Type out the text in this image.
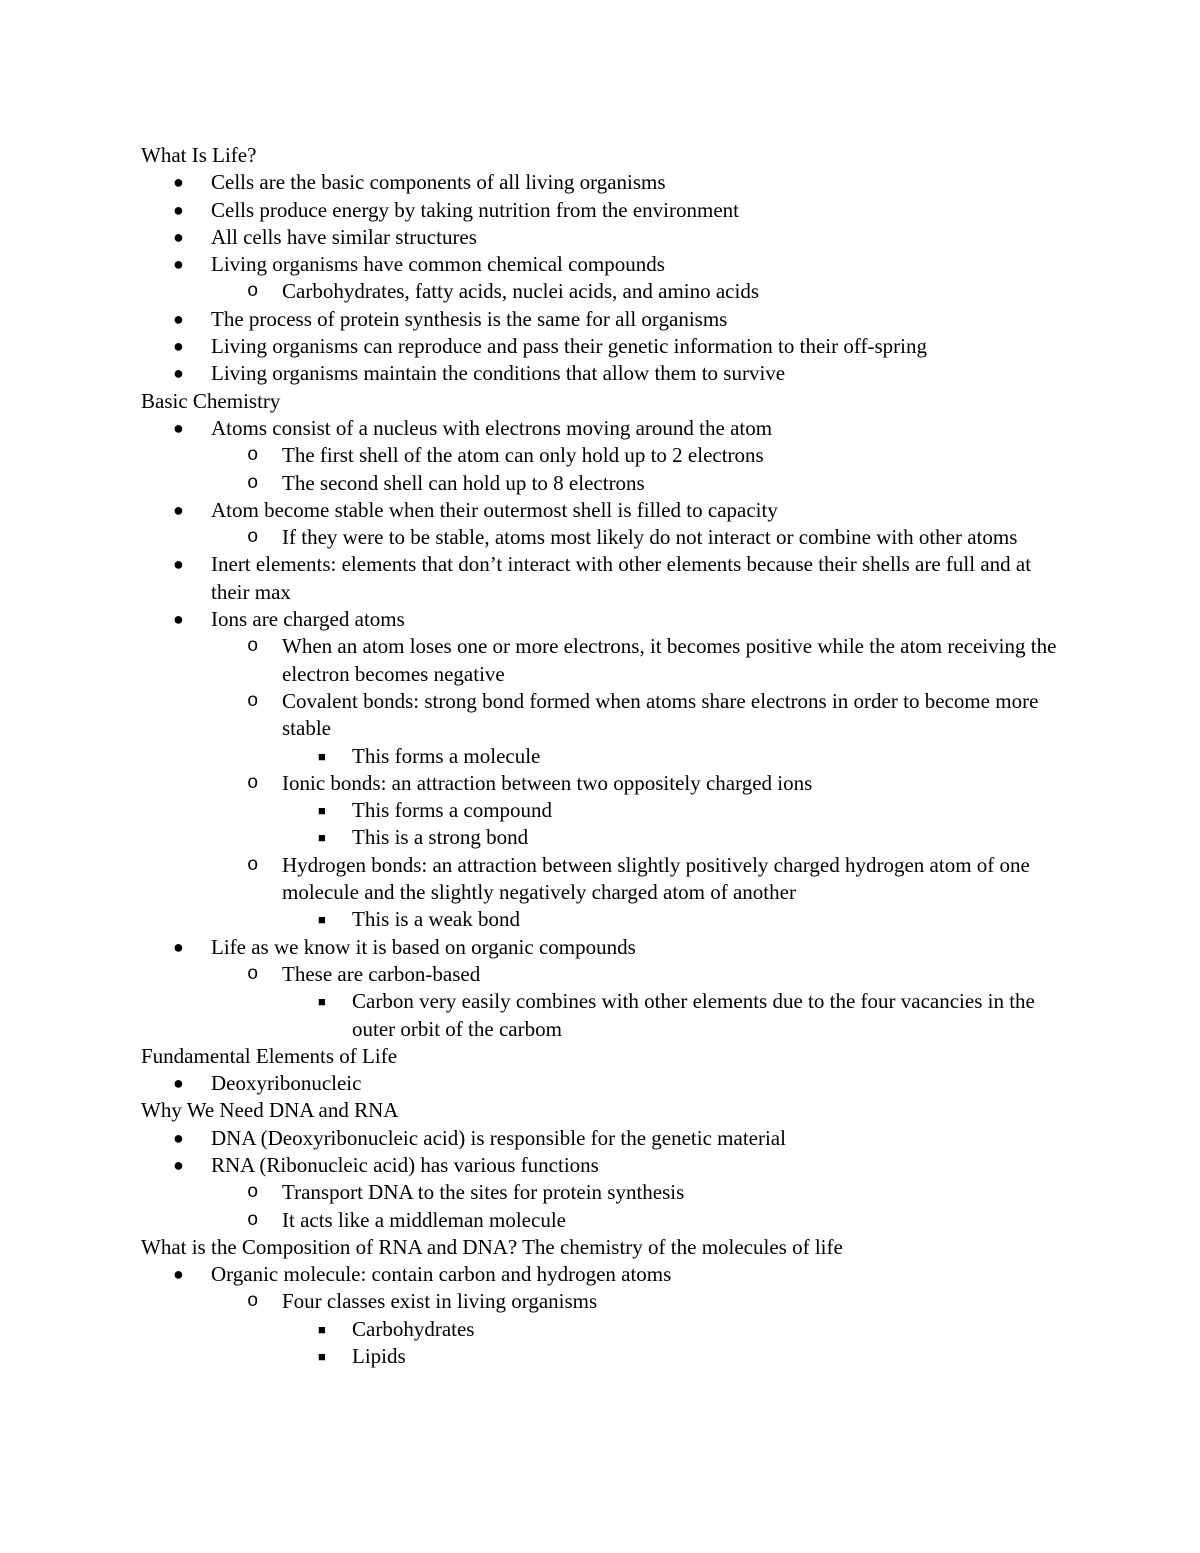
What Is Life?
● Cells are the basic components of all living organisms
● Cells produce energy by taking nutrition from the environment
● All cells have similar structures
● Living organisms have common chemical compounds
o Carbohydrates, fatty acids, nuclei acids, and amino acids
● The process of protein synthesis is the same for all organisms
● Living organisms can reproduce and pass their genetic information to their off-spring
● Living organisms maintain the conditions that allow them to survive
Basic Chemistry
● Atoms consist of a nucleus with electrons moving around the atom
o The first shell of the atom can only hold up to 2 electrons
o The second shell can hold up to 8 electrons
● Atom become stable when their outermost shell is filled to capacity
o If they were to be stable, atoms most likely do not interact or combine with other atoms
● Inert elements: elements that don’t interact with other elements because their shells are full and at their max
● Ions are charged atoms
o When an atom loses one or more electrons, it becomes positive while the atom receiving the electron becomes negative
o Covalent bonds: strong bond formed when atoms share electrons in order to become more stable
■ This forms a molecule
o Ionic bonds: an attraction between two oppositely charged ions
■ This forms a compound
■ This is a strong bond
o Hydrogen bonds: an attraction between slightly positively charged hydrogen atom of one molecule and the slightly negatively charged atom of another
■ This is a weak bond
● Life as we know it is based on organic compounds
o These are carbon-based
■ Carbon very easily combines with other elements due to the four vacancies in the outer orbit of the carbom
Fundamental Elements of Life
● Deoxyribonucleic
Why We Need DNA and RNA
● DNA (Deoxyribonucleic acid) is responsible for the genetic material
● RNA (Ribonucleic acid) has various functions
o Transport DNA to the sites for protein synthesis
o It acts like a middleman molecule
What is the Composition of RNA and DNA? The chemistry of the molecules of life
● Organic molecule: contain carbon and hydrogen atoms
o Four classes exist in living organisms
■ Carbohydrates
■ Lipids
